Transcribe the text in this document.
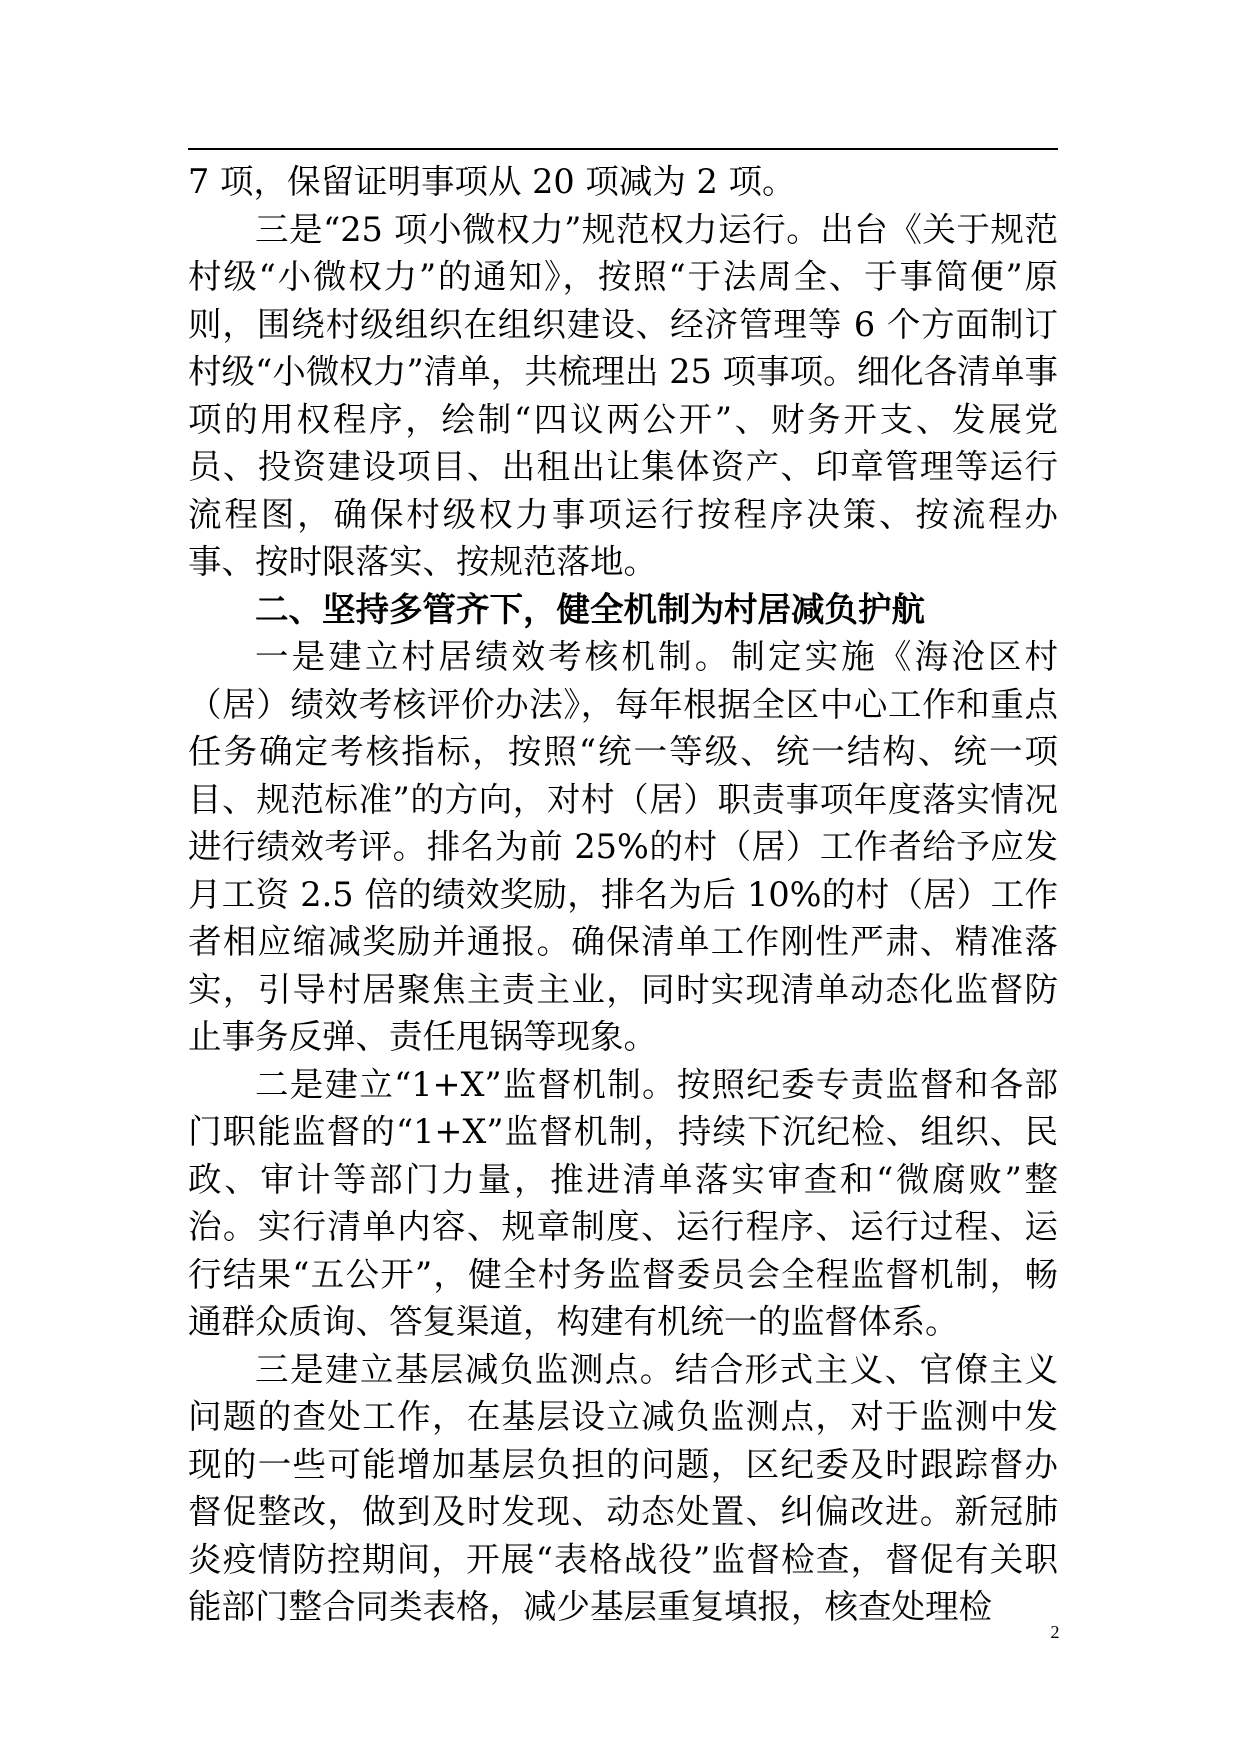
7 项，保留证明事项从 20 项减为 2 项。

三是“25 项小微权力”规范权力运行。出台《关于规范村级“小微权力”的通知》，按照“于法周全、于事简便”原则，围绕村级组织在组织建设、经济管理等 6 个方面制订村级“小微权力”清单，共梳理出 25 项事项。细化各清单事项的用权程序，绘制“四议两公开”、财务开支、发展党员、投资建设项目、出租出让集体资产、印章管理等运行流程图，确保村级权力事项运行按程序决策、按流程办事、按时限落实、按规范落地。

二、坚持多管齐下，健全机制为村居减负护航

一是建立村居绩效考核机制。制定实施《海沧区村（居）绩效考核评价办法》，每年根据全区中心工作和重点任务确定考核指标，按照“统一等级、统一结构、统一项目、规范标准”的方向，对村（居）职责事项年度落实情况进行绩效考评。排名为前 25%的村（居）工作者给予应发月工资 2.5 倍的绩效奖励，排名为后 10%的村（居）工作者相应缩减奖励并通报。确保清单工作刚性严肃、精准落实，引导村居聚焦主责主业，同时实现清单动态化监督防止事务反弹、责任甩锅等现象。

二是建立“1+X”监督机制。按照纪委专责监督和各部门职能监督的“1+X”监督机制，持续下沉纪检、组织、民政、审计等部门力量，推进清单落实审查和“微腐败”整治。实行清单内容、规章制度、运行程序、运行过程、运行结果“五公开”，健全村务监督委员会全程监督机制，畅通群众质询、答复渠道，构建有机统一的监督体系。

三是建立基层减负监测点。结合形式主义、官僚主义问题的查处工作，在基层设立减负监测点，对于监测中发现的一些可能增加基层负担的问题，区纪委及时跟踪督办督促整改，做到及时发现、动态处置、纠偏改进。新冠肺炎疫情防控期间，开展“表格战役”监督检查，督促有关职能部门整合同类表格，减少基层重复填报，核查处理检

2
